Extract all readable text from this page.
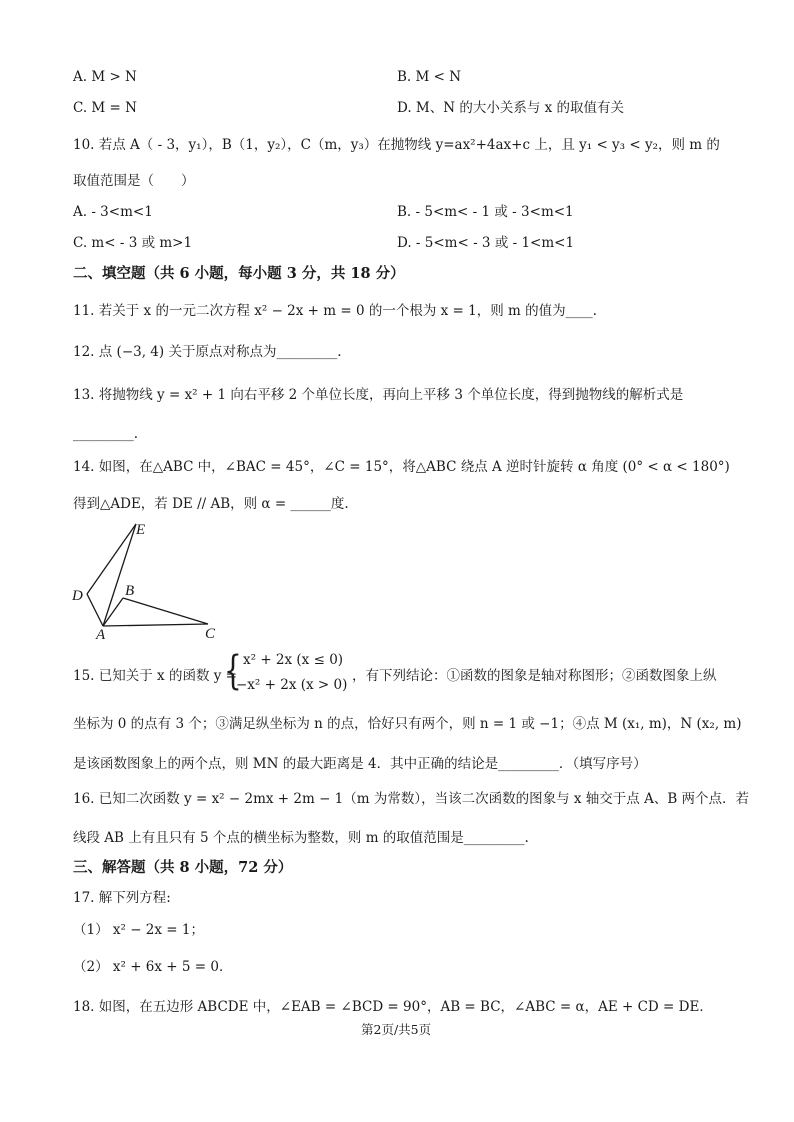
A. M > N	B. M < N
C. M = N	D. M、N 的大小关系与 x 的取值有关
10. 若点 A（ - 3，y₁），B（1，y₂），C（m，y₃）在抛物线 y=ax²+4ax+c 上，且 y₁ < y₃ < y₂，则 m 的
取值范围是（　　）
A. - 3<m<1	B. - 5<m< - 1 或 - 3<m<1
C. m< - 3 或 m>1	D. - 5<m< - 3 或 - 1<m<1
二、填空题（共 6 小题，每小题 3 分，共 18 分）
11. 若关于 x 的一元二次方程 x² − 2x + m = 0 的一个根为 x = 1，则 m 的值为____.
12. 点 (−3, 4) 关于原点对称点为_________.
13. 将抛物线 y = x² + 1 向右平移 2 个单位长度，再向上平移 3 个单位长度，得到抛物线的解析式是
_________.
14. 如图，在△ABC 中，∠BAC = 45°，∠C = 15°，将△ABC 绕点 A 逆时针旋转 α 角度 (0° < α < 180°)
得到△ADE，若 DE // AB，则 α = ______度.
E
D	B
A	C
15. 已知关于 x 的函数 y =
{ x² + 2x (x ≤ 0)
−x² + 2x (x > 0)
，有下列结论：①函数的图象是轴对称图形；②函数图象上纵
坐标为 0 的点有 3 个；③满足纵坐标为 n 的点，恰好只有两个，则 n = 1 或 −1；④点 M (x₁, m)，N (x₂, m)
是该函数图象上的两个点，则 MN 的最大距离是 4．其中正确的结论是_________．（填写序号）
16. 已知二次函数 y = x² − 2mx + 2m − 1（m 为常数），当该二次函数的图象与 x 轴交于点 A、B 两个点．若
线段 AB 上有且只有 5 个点的横坐标为整数，则 m 的取值范围是_________.
三、解答题（共 8 小题，72 分）
17. 解下列方程:
（1） x² − 2x = 1；
（2） x² + 6x + 5 = 0．
18. 如图，在五边形 ABCDE 中，∠EAB = ∠BCD = 90°，AB = BC，∠ABC = α，AE + CD = DE．
第2页/共5页
